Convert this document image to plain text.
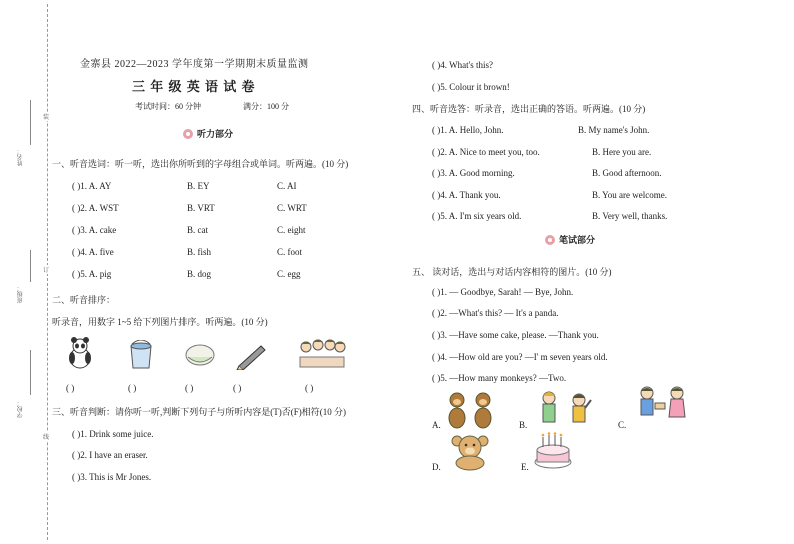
装
订
线
姓名：
班级：
学校：
金寨县 2022—2023 学年度第一学期期末质量监测
三 年 级 英 语 试 卷
考试时间：60 分钟	满分：100 分
听力部分
一、听音选词：听一听，选出你所听到的字母组合或单词。听两遍。(10 分)
( )1. A. AY	B. EY	C. AI
( )2. A. WST	B. VRT	C. WRT
( )3. A. cake	B. cat	C. eight
( )4. A. five	B. fish	C. foot
( )5. A. pig	B. dog	C. egg
二、听音排序：
听录音，用数字 1~5 给下列图片排序。听两遍。(10 分)
( )	( )	( )	( )	( )
三、听音判断：请你听一听,判断下列句子与所听内容是(T)否(F)相符(10 分)
( )1. Drink some juice.
( )2. I have an eraser.
( )3. This is Mr Jones.
( )4. What's this?
( )5. Colour it brown!
四、听音选答：听录音，选出正确的答语。听两遍。(10 分)
( )1. A. Hello, John.	B. My name's John.
( )2. A. Nice to meet you, too.	B. Here you are.
( )3. A. Good morning.	B. Good afternoon.
( )4. A. Thank you.	B. You are welcome.
( )5. A. I'm six years old.	B. Very well, thanks.
笔试部分
五、 读对话，选出与对话内容相符的图片。(10 分)
( )1. — Goodbye, Sarah! — Bye, John.
( )2. —What's this? — It's a panda.
( )3. —Have some cake, please. —Thank you.
( )4. —How old are you? —I' m seven years old.
( )5. —How many monkeys? —Two.
A.	B.	C.
D.	E.
